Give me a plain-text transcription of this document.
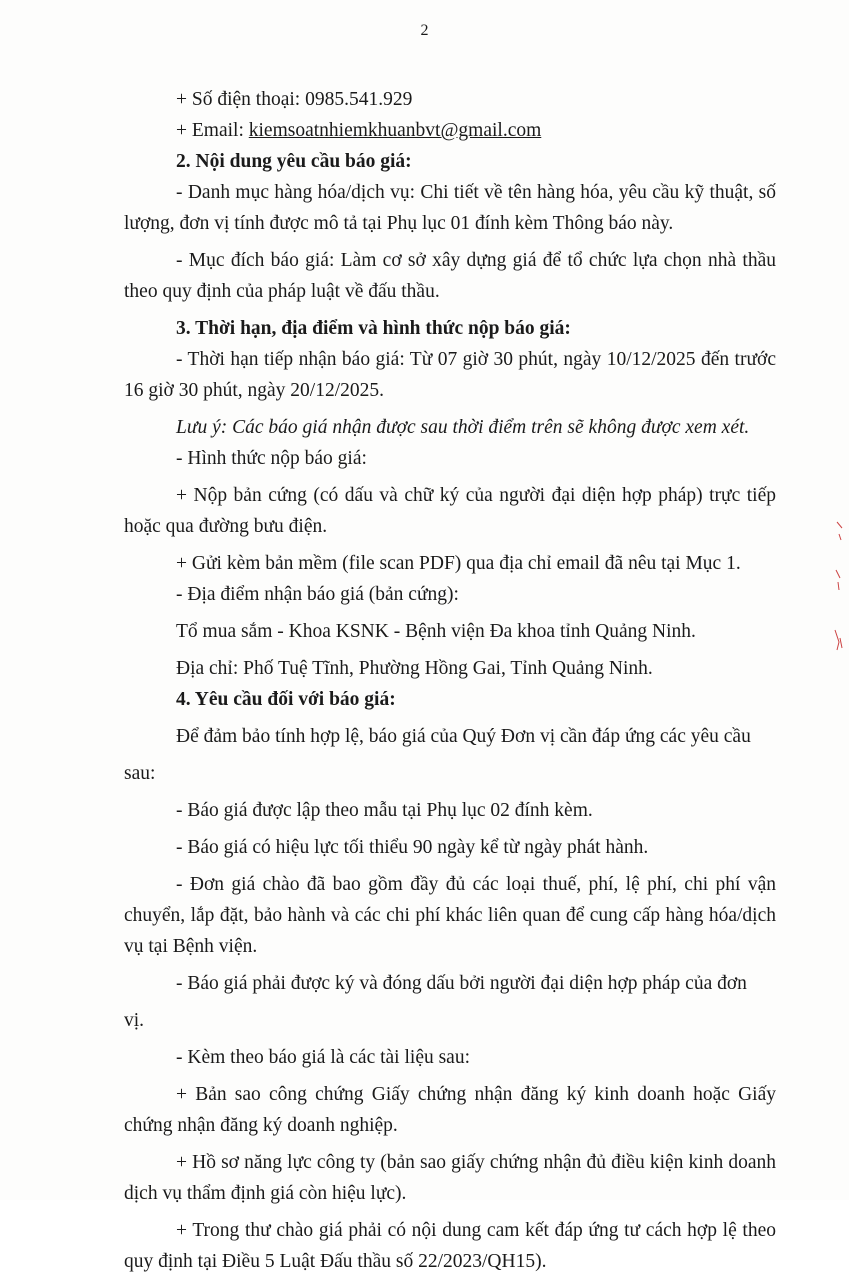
2

+ Số điện thoại: 0985.541.929

+ Email: kiemsoatnhiemkhuanbvt@gmail.com

2. Nội dung yêu cầu báo giá:

- Danh mục hàng hóa/dịch vụ: Chi tiết về tên hàng hóa, yêu cầu kỹ thuật, số lượng, đơn vị tính được mô tả tại Phụ lục 01 đính kèm Thông báo này.

- Mục đích báo giá: Làm cơ sở xây dựng giá để tổ chức lựa chọn nhà thầu theo quy định của pháp luật về đấu thầu.

3. Thời hạn, địa điểm và hình thức nộp báo giá:

- Thời hạn tiếp nhận báo giá: Từ 07 giờ 30 phút, ngày 10/12/2025 đến trước 16 giờ 30 phút, ngày 20/12/2025.

Lưu ý: Các báo giá nhận được sau thời điểm trên sẽ không được xem xét.

- Hình thức nộp báo giá:

+ Nộp bản cứng (có dấu và chữ ký của người đại diện hợp pháp) trực tiếp hoặc qua đường bưu điện.

+ Gửi kèm bản mềm (file scan PDF) qua địa chỉ email đã nêu tại Mục 1.

- Địa điểm nhận báo giá (bản cứng):

Tổ mua sắm - Khoa KSNK - Bệnh viện Đa khoa tỉnh Quảng Ninh.

Địa chỉ: Phố Tuệ Tĩnh, Phường Hồng Gai, Tỉnh Quảng Ninh.

4. Yêu cầu đối với báo giá:

Để đảm bảo tính hợp lệ, báo giá của Quý Đơn vị cần đáp ứng các yêu cầu

sau:

- Báo giá được lập theo mẫu tại Phụ lục 02 đính kèm.

- Báo giá có hiệu lực tối thiểu 90 ngày kể từ ngày phát hành.

- Đơn giá chào đã bao gồm đầy đủ các loại thuế, phí, lệ phí, chi phí vận chuyển, lắp đặt, bảo hành và các chi phí khác liên quan để cung cấp hàng hóa/dịch vụ tại Bệnh viện.

- Báo giá phải được ký và đóng dấu bởi người đại diện hợp pháp của đơn

vị.

- Kèm theo báo giá là các tài liệu sau:

+ Bản sao công chứng Giấy chứng nhận đăng ký kinh doanh hoặc Giấy chứng nhận đăng ký doanh nghiệp.

+ Hồ sơ năng lực công ty (bản sao giấy chứng nhận đủ điều kiện kinh doanh dịch vụ thẩm định giá còn hiệu lực).

+ Trong thư chào giá phải có nội dung cam kết đáp ứng tư cách hợp lệ theo quy định tại Điều 5 Luật Đấu thầu số 22/2023/QH15).
